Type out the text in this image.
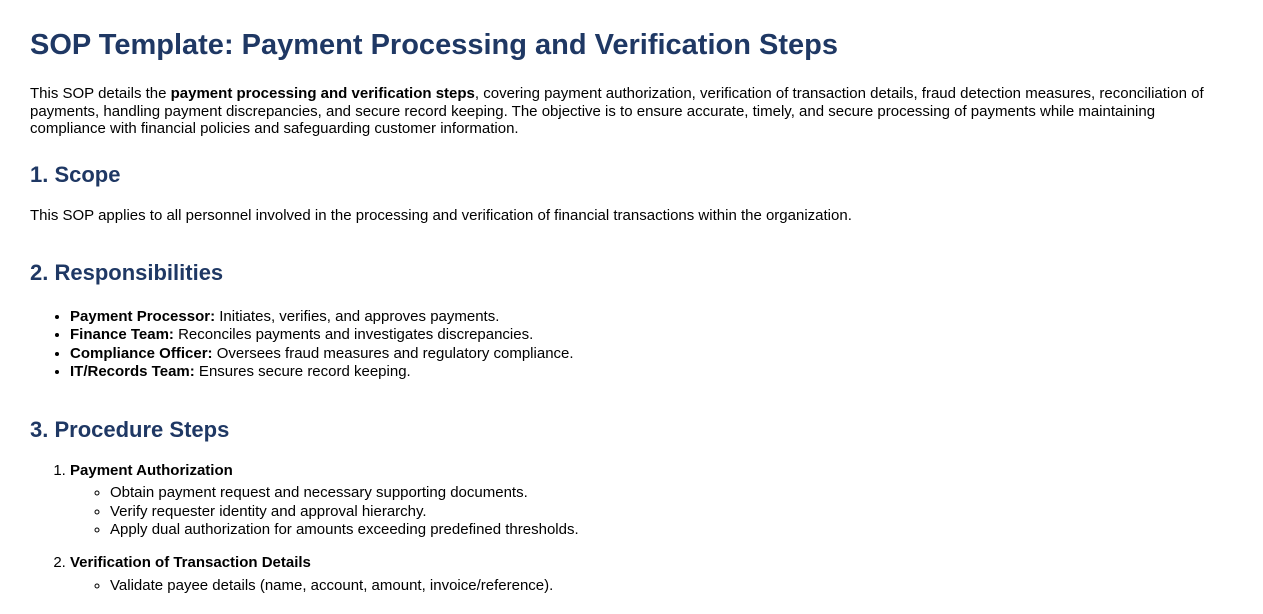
SOP Template: Payment Processing and Verification Steps

This SOP details the payment processing and verification steps, covering payment authorization, verification of transaction details, fraud detection measures, reconciliation of payments, handling payment discrepancies, and secure record keeping. The objective is to ensure accurate, timely, and secure processing of payments while maintaining compliance with financial policies and safeguarding customer information.

1. Scope

This SOP applies to all personnel involved in the processing and verification of financial transactions within the organization.

2. Responsibilities
• Payment Processor: Initiates, verifies, and approves payments.
• Finance Team: Reconciles payments and investigates discrepancies.
• Compliance Officer: Oversees fraud measures and regulatory compliance.
• IT/Records Team: Ensures secure record keeping.
3. Procedure Steps
1. Payment Authorization
◦ Obtain payment request and necessary supporting documents.
◦ Verify requester identity and approval hierarchy.
◦ Apply dual authorization for amounts exceeding predefined thresholds.
2. Verification of Transaction Details
◦ Validate payee details (name, account, amount, invoice/reference).
